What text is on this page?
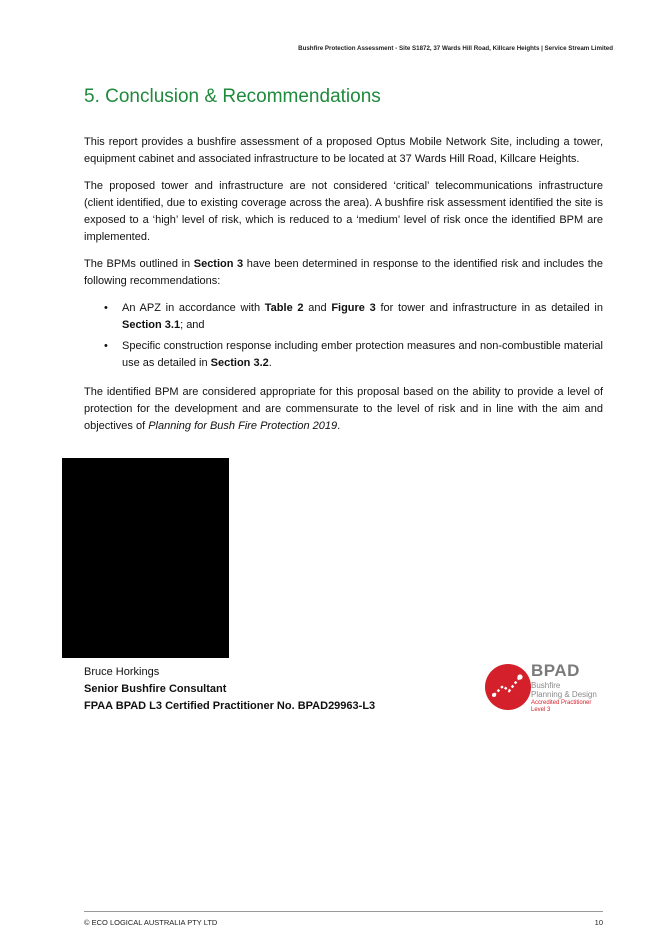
Bushfire Protection Assessment - Site S1872, 37 Wards Hill Road, Killcare Heights | Service Stream Limited
5. Conclusion & Recommendations

This report provides a bushfire assessment of a proposed Optus Mobile Network Site, including a tower, equipment cabinet and associated infrastructure to be located at 37 Wards Hill Road, Killcare Heights.

The proposed tower and infrastructure are not considered ‘critical’ telecommunications infrastructure (client identified, due to existing coverage across the area). A bushfire risk assessment identified the site is exposed to a ‘high’ level of risk, which is reduced to a ‘medium’ level of risk once the identified BPM are implemented.

The BPMs outlined in Section 3 have been determined in response to the identified risk and includes the following recommendations:

• An APZ in accordance with Table 2 and Figure 3 for tower and infrastructure in as detailed in Section 3.1; and
• Specific construction response including ember protection measures and non-combustible material use as detailed in Section 3.2.

The identified BPM are considered appropriate for this proposal based on the ability to provide a level of protection for the development and are commensurate to the level of risk and in line with the aim and objectives of Planning for Bush Fire Protection 2019.

Bruce Horkings
Senior Bushfire Consultant
FPAA BPAD L3 Certified Practitioner No. BPAD29963-L3
BPAD
Bushfire
Planning & Design
Accredited Practitioner
Level 3
© ECO LOGICAL AUSTRALIA PTY LTD	10
